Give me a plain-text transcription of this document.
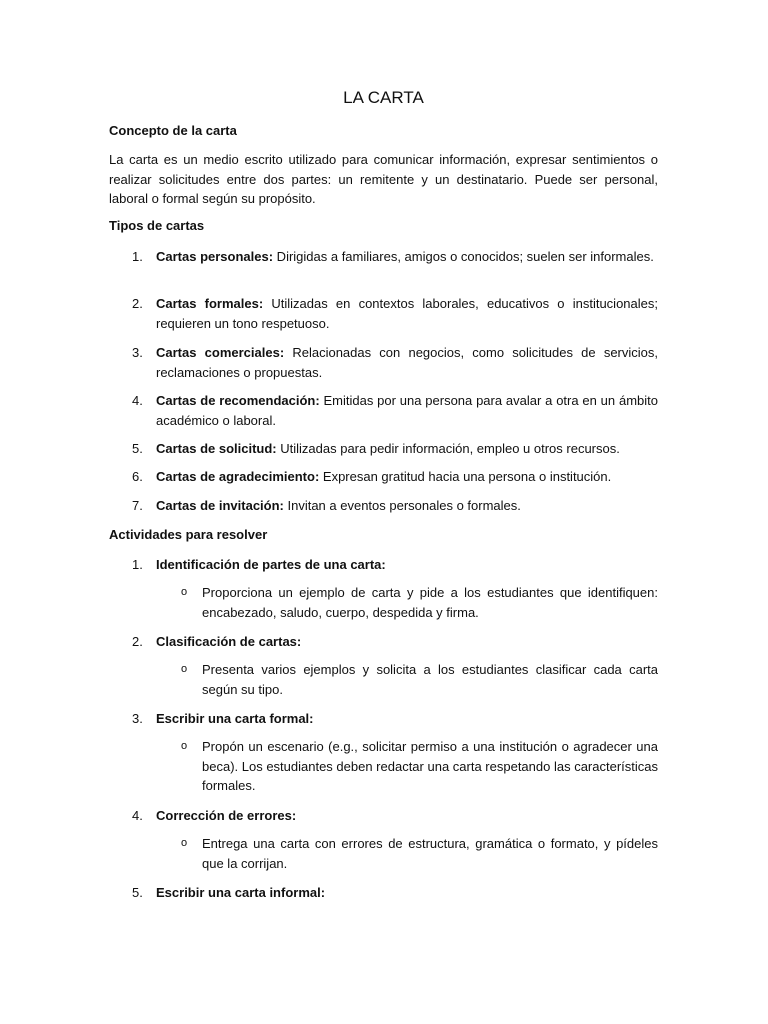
LA CARTA
Concepto de la carta

La carta es un medio escrito utilizado para comunicar información, expresar sentimientos o realizar solicitudes entre dos partes: un remitente y un destinatario. Puede ser personal, laboral o formal según su propósito.

Tipos de cartas
1. Cartas personales: Dirigidas a familiares, amigos o conocidos; suelen ser informales.
2. Cartas formales: Utilizadas en contextos laborales, educativos o institucionales; requieren un tono respetuoso.
3. Cartas comerciales: Relacionadas con negocios, como solicitudes de servicios, reclamaciones o propuestas.
4. Cartas de recomendación: Emitidas por una persona para avalar a otra en un ámbito académico o laboral.
5. Cartas de solicitud: Utilizadas para pedir información, empleo u otros recursos.
6. Cartas de agradecimiento: Expresan gratitud hacia una persona o institución.
7. Cartas de invitación: Invitan a eventos personales o formales.
Actividades para resolver
1. Identificación de partes de una carta:
o Proporciona un ejemplo de carta y pide a los estudiantes que identifiquen: encabezado, saludo, cuerpo, despedida y firma.
2. Clasificación de cartas:
o Presenta varios ejemplos y solicita a los estudiantes clasificar cada carta según su tipo.
3. Escribir una carta formal:
o Propón un escenario (e.g., solicitar permiso a una institución o agradecer una beca). Los estudiantes deben redactar una carta respetando las características formales.
4. Corrección de errores:
o Entrega una carta con errores de estructura, gramática o formato, y pídeles que la corrijan.
5. Escribir una carta informal:
